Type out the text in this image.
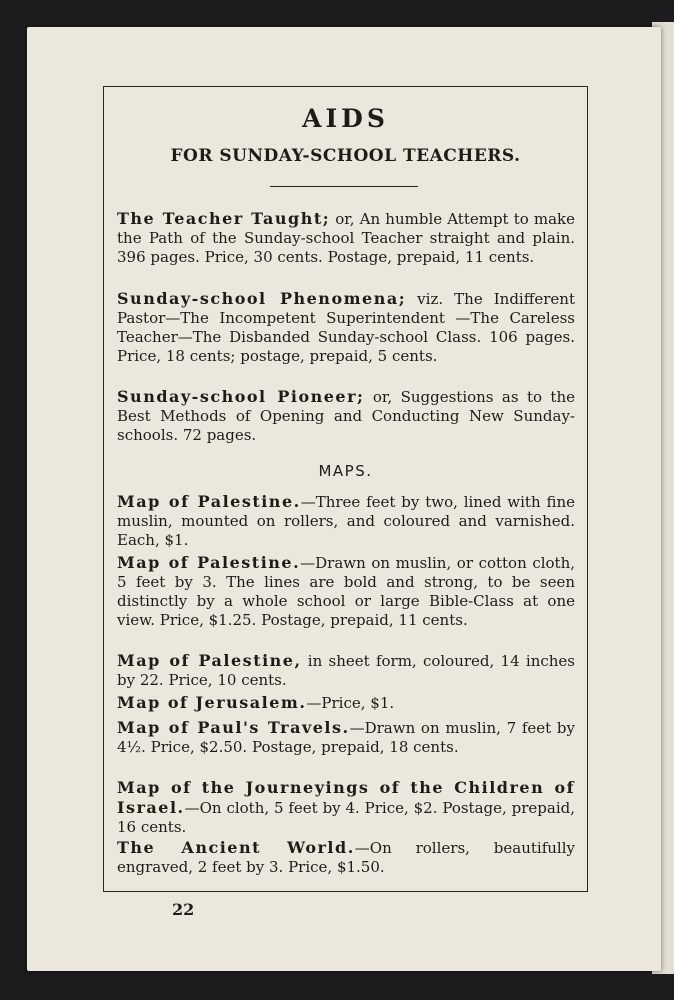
AIDS
FOR SUNDAY-SCHOOL TEACHERS.
The Teacher Taught; or, An humble Attempt to make the Path of the Sunday-school Teacher straight and plain. 396 pages. Price, 30 cents. Postage, prepaid, 11 cents.
Sunday-school Phenomena; viz. The Indifferent Pastor—The Incompetent Superintendent —The Careless Teacher—The Disbanded Sunday-school Class. 106 pages. Price, 18 cents; postage, prepaid, 5 cents.
Sunday-school Pioneer; or, Suggestions as to the Best Methods of Opening and Conducting New Sunday-schools. 72 pages.
MAPS.
Map of Palestine.—Three feet by two, lined with fine muslin, mounted on rollers, and coloured and varnished. Each, $1.
Map of Palestine.—Drawn on muslin, or cotton cloth, 5 feet by 3. The lines are bold and strong, to be seen distinctly by a whole school or large Bible-Class at one view. Price, $1.25. Postage, prepaid, 11 cents.
Map of Palestine, in sheet form, coloured, 14 inches by 22. Price, 10 cents.
Map of Jerusalem.—Price, $1.
Map of Paul's Travels.—Drawn on muslin, 7 feet by 4½. Price, $2.50. Postage, prepaid, 18 cents.
Map of the Journeyings of the Children of Israel.—On cloth, 5 feet by 4. Price, $2. Postage, prepaid, 16 cents.
The Ancient World.—On rollers, beautifully engraved, 2 feet by 3. Price, $1.50.
22
